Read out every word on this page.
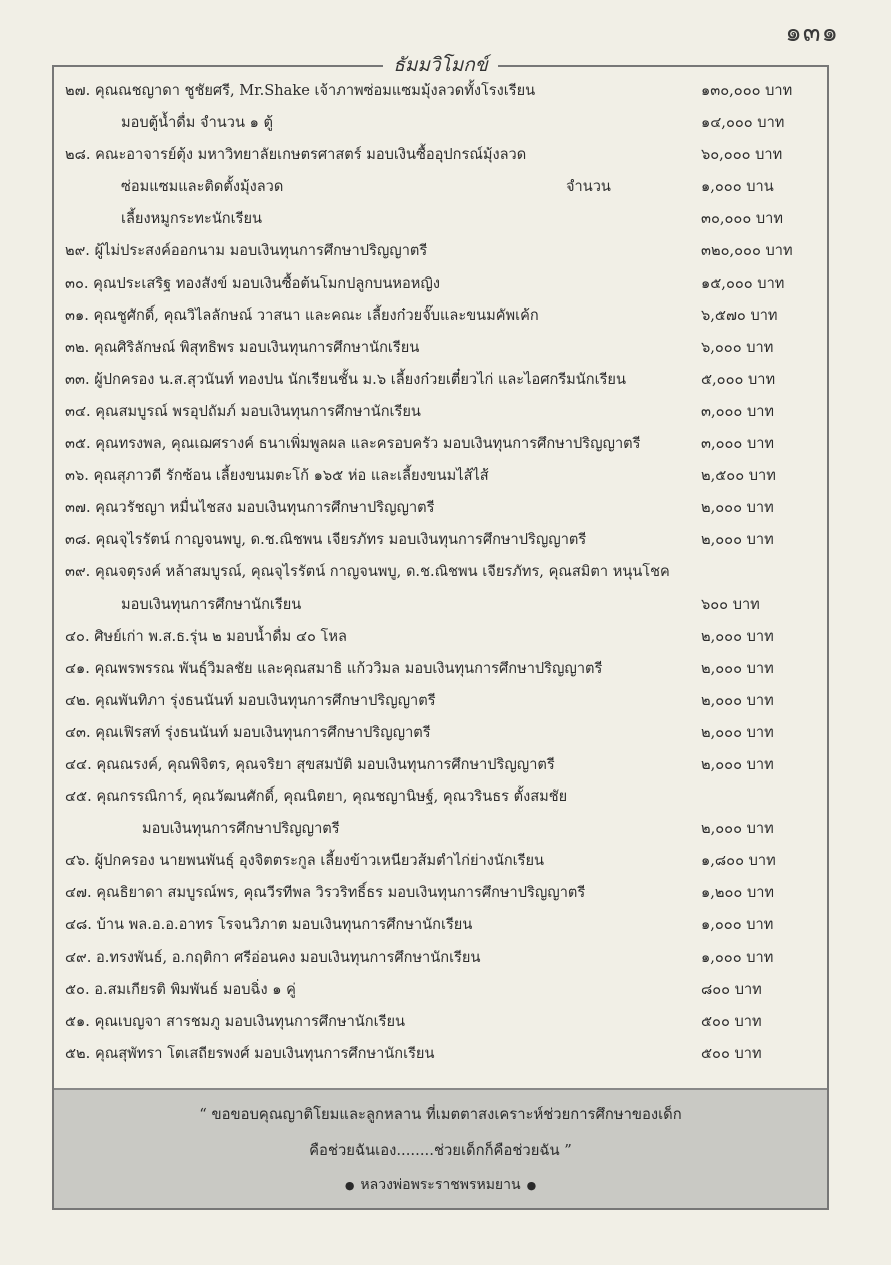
๑๓๑
ธัมมวิโมกข์
๒๗. คุณณชญาดา ชูชัยศรี, Mr.Shake เจ้าภาพซ่อมแซมมุ้งลวดทั้งโรงเรียน	๑๓๐,๐๐๐ บาท
มอบตู้น้ำดื่ม จำนวน ๑ ตู้	๑๔,๐๐๐ บาท
๒๘. คณะอาจารย์ตุ้ง มหาวิทยาลัยเกษตรศาสตร์ มอบเงินซื้ออุปกรณ์มุ้งลวด	๖๐,๐๐๐ บาท
ซ่อมแซมและติดตั้งมุ้งลวด	จำนวน	๑,๐๐๐ บาน
เลี้ยงหมูกระทะนักเรียน	๓๐,๐๐๐ บาท
๒๙. ผู้ไม่ประสงค์ออกนาม มอบเงินทุนการศึกษาปริญญาตรี	๓๒๐,๐๐๐ บาท
๓๐. คุณประเสริฐ ทองสังข์ มอบเงินซื้อต้นโมกปลูกบนหอหญิง	๑๕,๐๐๐ บาท
๓๑. คุณชูศักดิ์, คุณวิไลลักษณ์ วาสนา และคณะ เลี้ยงก๋วยจั๊บและขนมคัพเค้ก	๖,๕๗๐ บาท
๓๒. คุณศิริลักษณ์ พิสุทธิพร มอบเงินทุนการศึกษานักเรียน	๖,๐๐๐ บาท
๓๓. ผู้ปกครอง น.ส.สุวนันท์ ทองปน นักเรียนชั้น ม.๖ เลี้ยงก๋วยเตี๋ยวไก่ และไอศกรีมนักเรียน	๕,๐๐๐ บาท
๓๔. คุณสมบูรณ์ พรอุปถัมภ์ มอบเงินทุนการศึกษานักเรียน	๓,๐๐๐ บาท
๓๕. คุณทรงพล, คุณเฌศรางค์ ธนาเพิ่มพูลผล และครอบครัว มอบเงินทุนการศึกษาปริญญาตรี	๓,๐๐๐ บาท
๓๖. คุณสุภาวดี รักซ้อน เลี้ยงขนมตะโก้ ๑๖๕ ห่อ และเลี้ยงขนมไส้ไส้	๒,๕๐๐ บาท
๓๗. คุณวรัชญา หมื่นไชสง มอบเงินทุนการศึกษาปริญญาตรี	๒,๐๐๐ บาท
๓๘. คุณจุไรรัตน์ กาญจนพบู, ด.ช.ณิชพน เจียรภัทร มอบเงินทุนการศึกษาปริญญาตรี	๒,๐๐๐ บาท
๓๙. คุณจตุรงค์ หล้าสมบูรณ์, คุณจุไรรัตน์ กาญจนพบู, ด.ช.ณิชพน เจียรภัทร, คุณสมิตา หนุนโชค
มอบเงินทุนการศึกษานักเรียน	๖๐๐ บาท
๔๐. ศิษย์เก่า พ.ส.ธ.รุ่น ๒ มอบน้ำดื่ม ๔๐ โหล	๒,๐๐๐ บาท
๔๑. คุณพรพรรณ พันธุ์วิมลชัย และคุณสมาธิ แก้ววิมล มอบเงินทุนการศึกษาปริญญาตรี	๒,๐๐๐ บาท
๔๒. คุณพันทิภา รุ่งธนนันท์ มอบเงินทุนการศึกษาปริญญาตรี	๒,๐๐๐ บาท
๔๓. คุณเฟิรสท์ รุ่งธนนันท์ มอบเงินทุนการศึกษาปริญญาตรี	๒,๐๐๐ บาท
๔๔. คุณณรงค์, คุณพิจิตร, คุณจริยา สุขสมบัติ มอบเงินทุนการศึกษาปริญญาตรี	๒,๐๐๐ บาท
๔๕. คุณกรรณิการ์, คุณวัฒนศักดิ์, คุณนิตยา, คุณชญานิษฐ์, คุณวรินธร ตั้งสมชัย
มอบเงินทุนการศึกษาปริญญาตรี	๒,๐๐๐ บาท
๔๖. ผู้ปกครอง นายพนพันธุ์ อุงจิตตระกูล เลี้ยงข้าวเหนียวส้มตำไก่ย่างนักเรียน	๑,๘๐๐ บาท
๔๗. คุณธิยาดา สมบูรณ์พร, คุณวีรทีพล วิรวริทธิ์ธร มอบเงินทุนการศึกษาปริญญาตรี	๑,๒๐๐ บาท
๔๘. บ้าน พล.อ.อ.อาทร โรจนวิภาต มอบเงินทุนการศึกษานักเรียน	๑,๐๐๐ บาท
๔๙. อ.ทรงพันธ์, อ.กฤติกา ศรีอ่อนคง มอบเงินทุนการศึกษานักเรียน	๑,๐๐๐ บาท
๕๐. อ.สมเกียรติ พิมพันธ์ มอบฉิ่ง ๑ คู่	๘๐๐ บาท
๕๑. คุณเบญจา สารชมภู มอบเงินทุนการศึกษานักเรียน	๕๐๐ บาท
๕๒. คุณสุพัทรา โตเสถียรพงศ์ มอบเงินทุนการศึกษานักเรียน	๕๐๐ บาท
“ ขอขอบคุณญาติโยมและลูกหลาน ที่เมตตาสงเคราะห์ช่วยการศึกษาของเด็ก
คือช่วยฉันเอง........ช่วยเด็กก็คือช่วยฉัน ”
● หลวงพ่อพระราชพรหมยาน ●
